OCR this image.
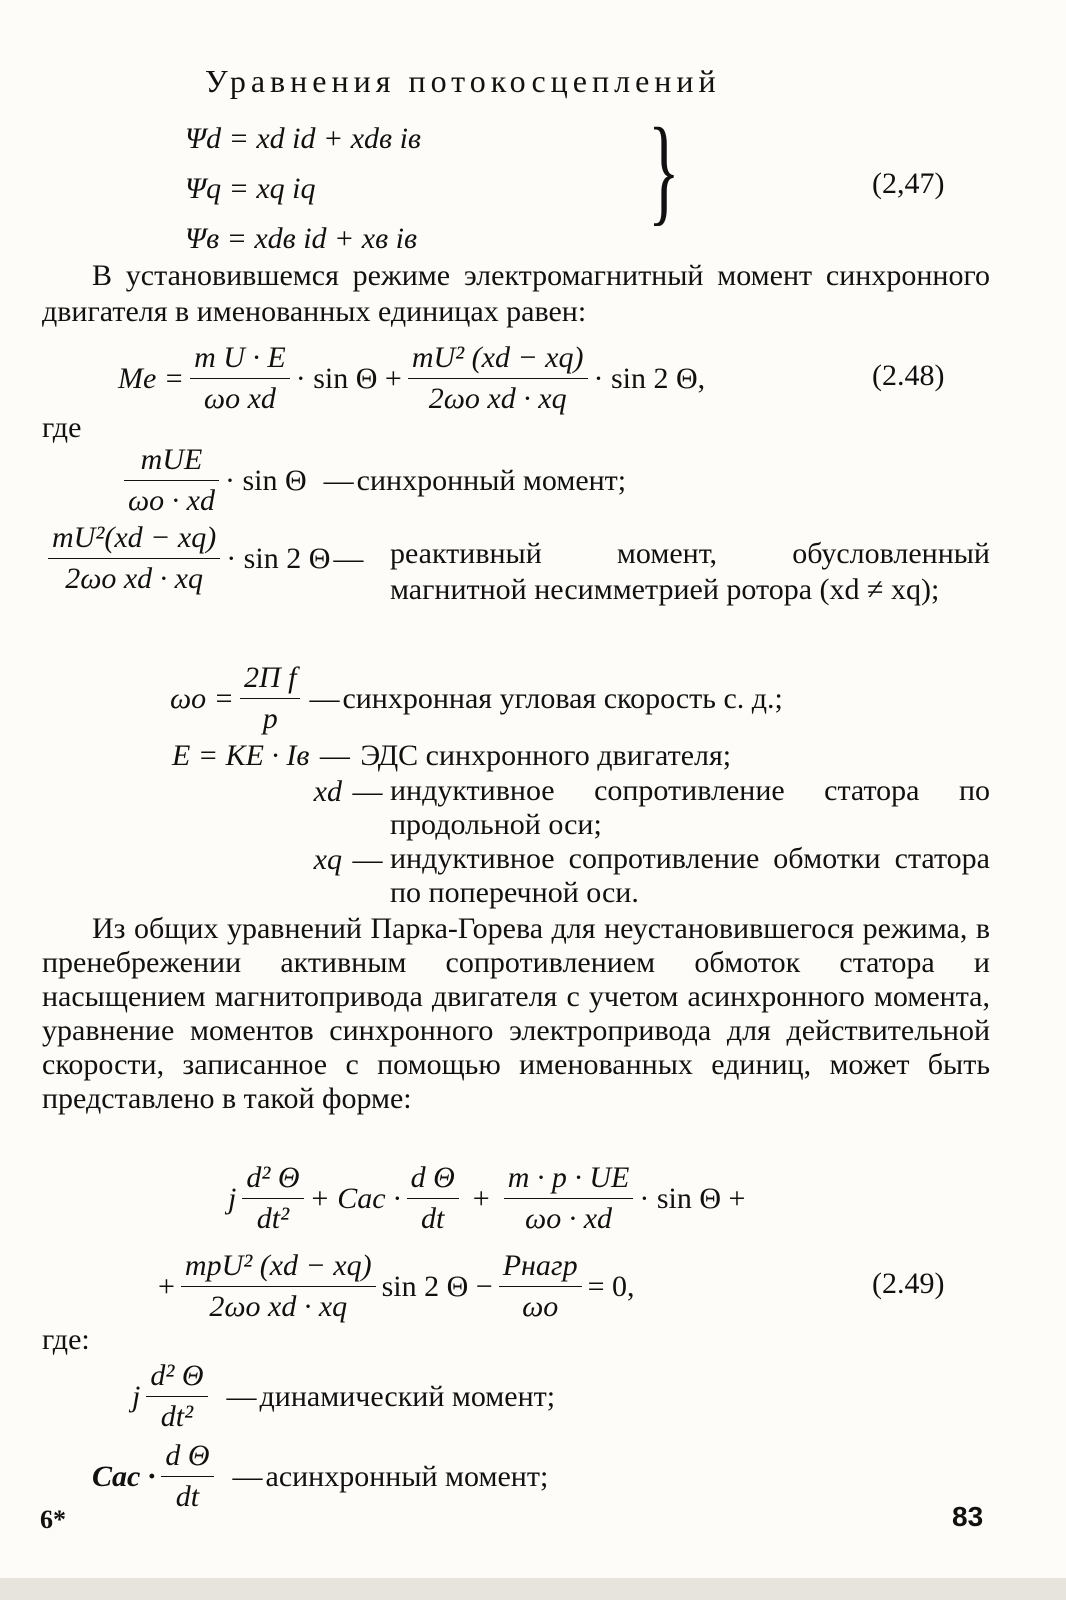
Уравнения потокосцеплений
Ψd = xd id + xdв iв
Ψq = xq iq
Ψв = xdв id + xв iв
}	(2,47)

В установившемся режиме электромагнитный момент синхронного двигателя в именованных единицах равен:

$Me = \frac{\text{m U · E}}{\text{ωo xd}} \cdot \sin \Theta + \frac{\text{mU² (xd − xq)}}{\text{2ωo xd · xq}} \cdot \sin 2$ Θ,	(2.48)
где
$\frac{\text{mUE}}{\omega o \cdot xd} \cdot \sin \Theta$ — синхронный момент;
$\frac{\text{mU²(xd − xq)}}{\text{2ωo xd · xq}} \cdot \sin 2$ Θ — реактивный момент, обусловленный магнитной несимметрией ротора (xd ≠ xq);
$\omega o = \frac{\text{2Π f}}{p}$ — синхронная угловая скорость с. д.;
E = KE · Iв — ЭДС синхронного двигателя;
xd — индуктивное сопротивление статора по продольной оси;
xq — индуктивное сопротивление обмотки статора по поперечной оси.

Из общих уравнений Парка-Горева для неустановившегося режима, в пренебрежении активным сопротивлением обмоток статора и насыщением магнитопривода двигателя с учетом асинхронного момента, уравнение моментов синхронного электропривода для действительной скорости, записанное с помощью именованных единиц, может быть представлено в такой форме:

j $\frac{\text{d² Θ}}{\text{dt²}}$ + Cac · $\frac{\text{d Θ}}{dt} + \frac{m \cdot p \cdot UE}{\omega o \cdot xd} \cdot \sin \Theta$ +
+ $\frac{\text{mpU² (xd − xq)}}{\text{2ωo xd · xq}}$ sin 2 $\Theta - \frac{\text{Pнагр}}{\omega o} = 0$,	(2.49)
где:
j $\frac{\text{d² Θ}}{\text{dt²}}$ — динамический момент;
Cac · $\frac{\text{d Θ}}{dt}$ — асинхронный момент;
6*	83
